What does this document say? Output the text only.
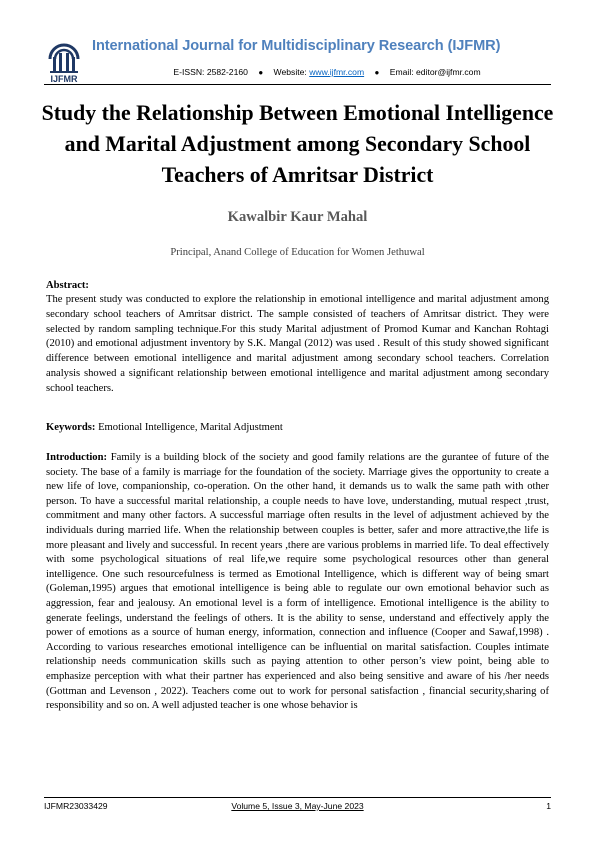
IJFMR
International Journal for Multidisciplinary Research (IJFMR)
E-ISSN: 2582-2160 ● Website: www.ijfmr.com ● Email: editor@ijfmr.com
Study the Relationship Between Emotional Intelligence and Marital Adjustment among Secondary School Teachers of Amritsar District
Kawalbir Kaur Mahal
Principal, Anand College of Education for Women Jethuwal
Abstract:
The present study was conducted to explore the relationship in emotional intelligence and marital adjustment among secondary school teachers of Amritsar district. The sample consisted of teachers of Amritsar district. They were selected by random sampling technique.For this study Marital adjustment of Promod Kumar and Kanchan Rohtagi (2010) and emotional adjustment inventory by S.K. Mangal (2012) was used . Result of this study showed significant difference between emotional intelligence and marital adjustment among secondary school teachers. Correlation analysis showed a significant relationship between emotional intelligence and marital adjustment among secondary school teachers.
Keywords: Emotional Intelligence, Marital Adjustment
Introduction: Family is a building block of the society and good family relations are the gurantee of future of the society. The base of a family is marriage for the foundation of the society. Marriage gives the opportunity to create a new life of love, companionship, co-operation. On the other hand, it demands us to walk the same path with other person. To have a successful marital relationship, a couple needs to have love, understanding, mutual respect ,trust, commitment and many other factors. A successful marriage often results in the level of adjustment achieved by the individuals during married life. When the relationship between couples is better, safer and more attractive,the life is more pleasant and lively and successful. In recent years ,there are various problems in married life. To deal effectively with some psychological situations of real life,we require some psychological resources other than general intelligence. One such resourcefulness is termed as Emotional Intelligence, which is different way of being smart (Goleman,1995) argues that emotional intelligence is being able to regulate our own emotional behavior such as aggression, fear and jealousy. An emotional level is a form of intelligence. Emotional intelligence is the ability to generate feelings, understand the feelings of others. It is the ability to sense, understand and effectively apply the power of emotions as a source of human energy, information, connection and influence (Cooper and Sawaf,1998) . According to various researches emotional intelligence can be influential on marital satisfaction. Couples intimate relationship needs communication skills such as paying attention to other person’s view point, being able to emphasize perception with what their partner has experienced and also being sensitive and aware of his /her needs (Gottman and Levenson , 2022). Teachers come out to work for personal satisfaction , financial security,sharing of responsibility and so on. A well adjusted teacher is one whose behavior is
IJFMR23033429	Volume 5, Issue 3, May-June 2023	1
